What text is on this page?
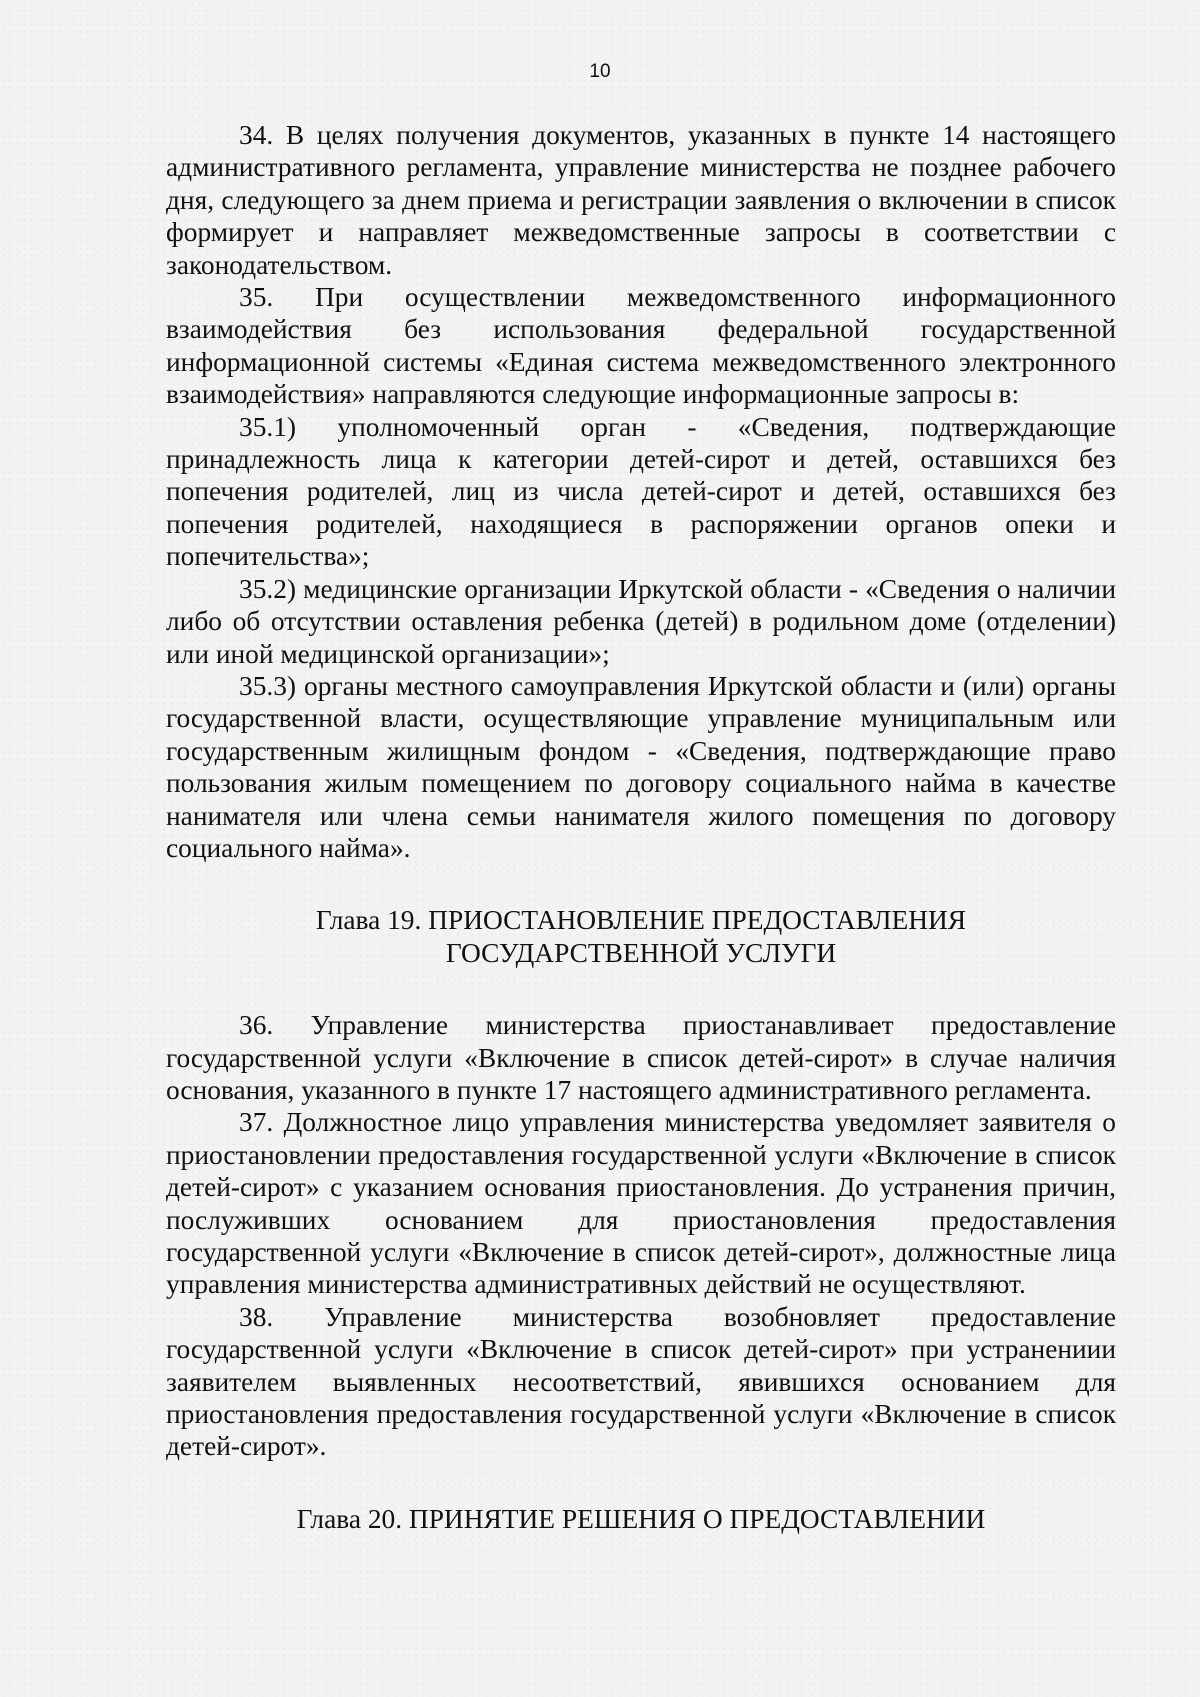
10

34. В целях получения документов, указанных в пункте 14 настоящего административного регламента, управление министерства не позднее рабочего дня, следующего за днем приема и регистрации заявления о включении в список формирует и направляет межведомственные запросы в соответствии с законодательством.

35. При осуществлении межведомственного информационного взаимодействия без использования федеральной государственной информационной системы «Единая система межведомственного электронного взаимодействия» направляются следующие информационные запросы в:

35.1) уполномоченный орган - «Сведения, подтверждающие принадлежность лица к категории детей-сирот и детей, оставшихся без попечения родителей, лиц из числа детей-сирот и детей, оставшихся без попечения родителей, находящиеся в распоряжении органов опеки и попечительства»;

35.2) медицинские организации Иркутской области - «Сведения о наличии либо об отсутствии оставления ребенка (детей) в родильном доме (отделении) или иной медицинской организации»;

35.3) органы местного самоуправления Иркутской области и (или) органы государственной власти, осуществляющие управление муниципальным или государственным жилищным фондом - «Сведения, подтверждающие право пользования жилым помещением по договору социального найма в качестве нанимателя или члена семьи нанимателя жилого помещения по договору социального найма».

Глава 19. ПРИОСТАНОВЛЕНИЕ ПРЕДОСТАВЛЕНИЯ

ГОСУДАРСТВЕННОЙ УСЛУГИ

36. Управление министерства приостанавливает предоставление государственной услуги «Включение в список детей-сирот» в случае наличия основания, указанного в пункте 17 настоящего административного регламента.

37. Должностное лицо управления министерства уведомляет заявителя о приостановлении предоставления государственной услуги «Включение в список детей-сирот» с указанием основания приостановления. До устранения причин, послуживших основанием для приостановления предоставления государственной услуги «Включение в список детей-сирот», должностные лица управления министерства административных действий не осуществляют.

38. Управление министерства возобновляет предоставление государственной услуги «Включение в список детей-сирот» при устранениии заявителем выявленных несоответствий, явившихся основанием для приостановления предоставления государственной услуги «Включение в список детей-сирот».

Глава 20. ПРИНЯТИЕ РЕШЕНИЯ О ПРЕДОСТАВЛЕНИИ
